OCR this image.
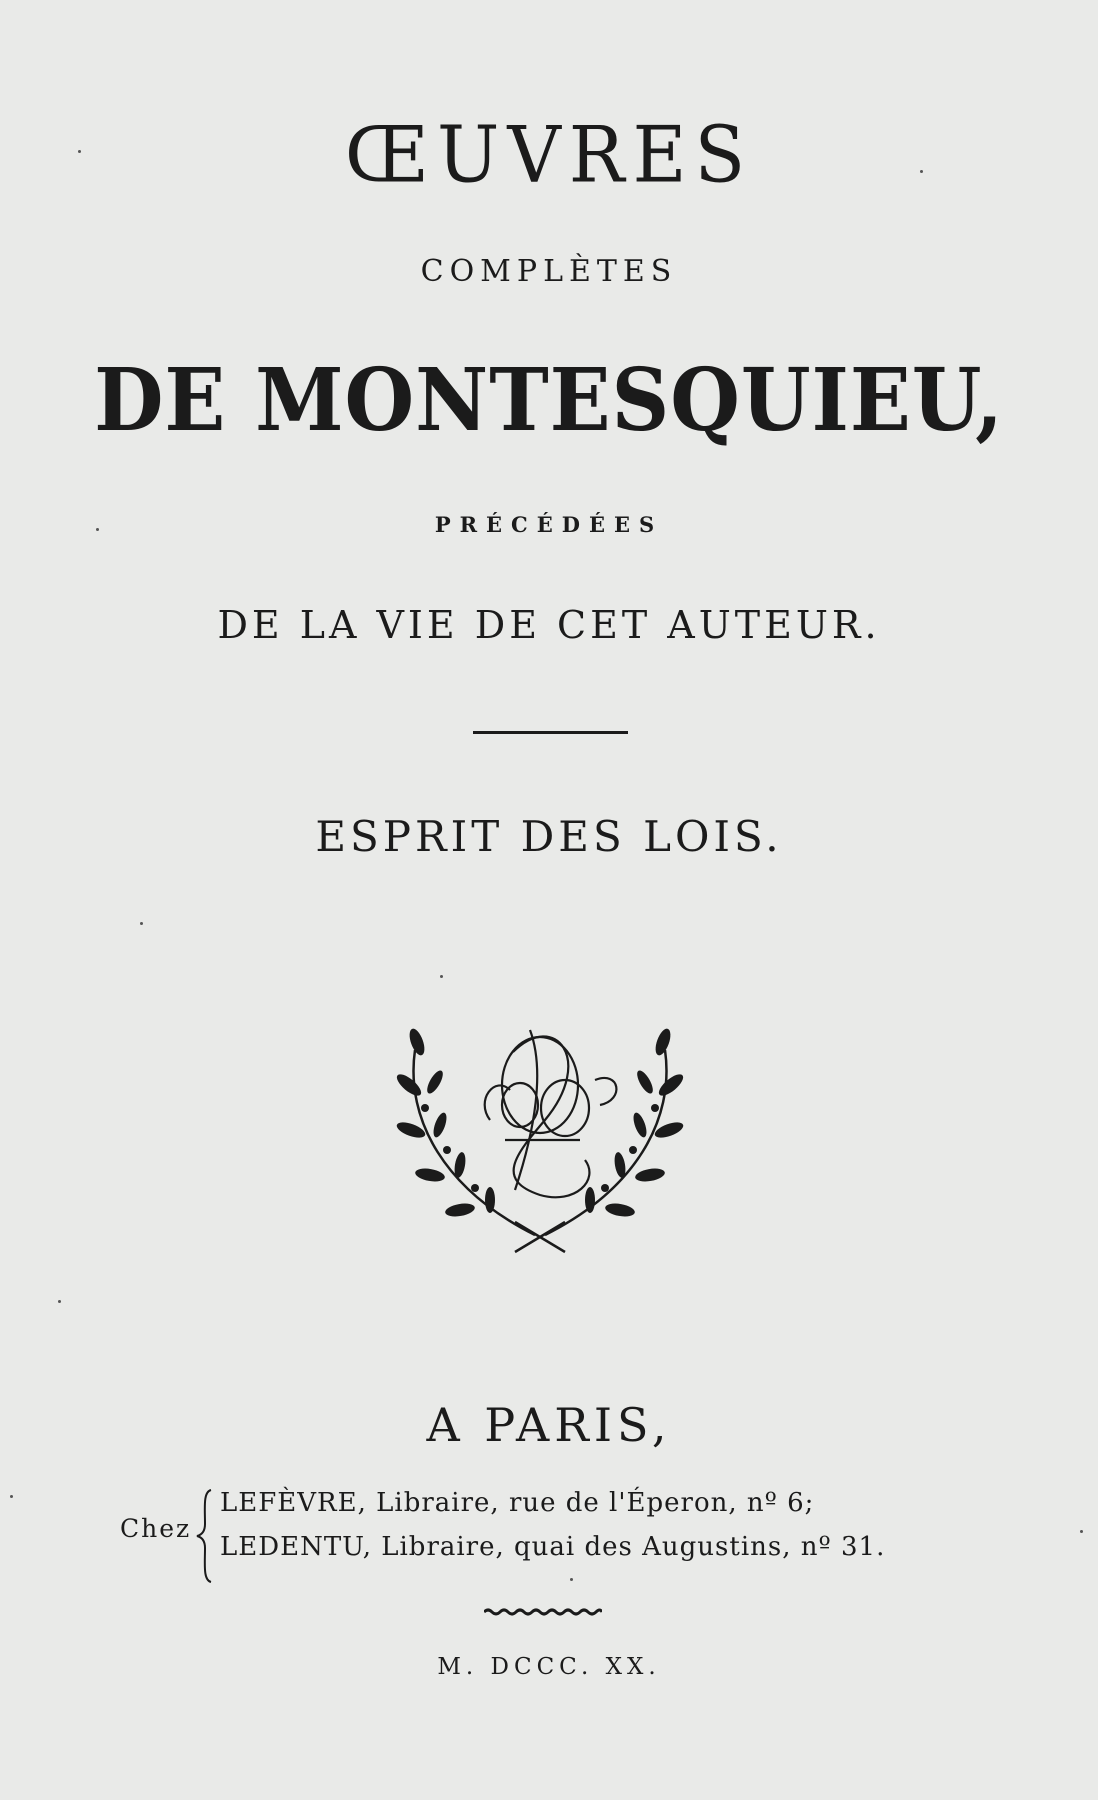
ŒUVRES
COMPLÈTES
DE MONTESQUIEU,
PRÉCÉDÉES
DE LA VIE DE CET AUTEUR.
ESPRIT DES LOIS.
A PARIS,
Chez
LEFÈVRE, Libraire, rue de l'Éperon, nº 6;
LEDENTU, Libraire, quai des Augustins, nº 31.
M. DCCC. XX.
